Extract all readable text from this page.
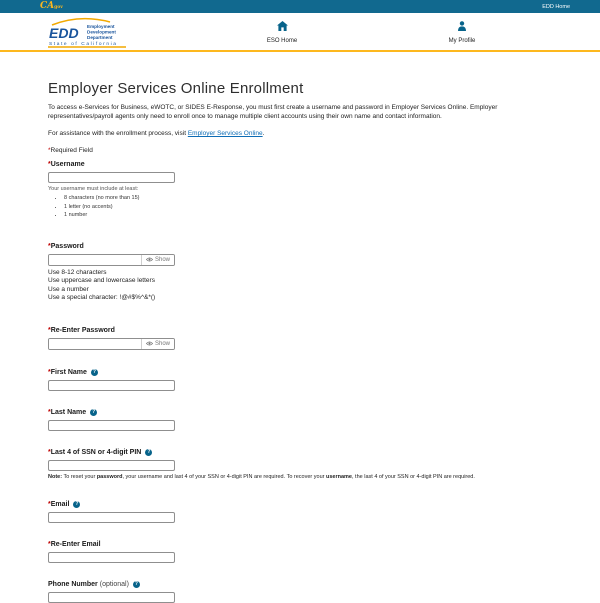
CAgov	EDD Home
EDD Employment
Development
Department
State of California
ESO Home	My Profile
Employer Services Online Enrollment

To access e-Services for Business, eWOTC, or SIDES E-Response, you must first create a username and password in Employer Services Online. Employer representatives/payroll agents only need to enroll once to manage multiple client accounts using their own name and contact information.

For assistance with the enrollment process, visit Employer Services Online.

*Required Field
* Username
Your username must include at least:
• 8 characters (no more than 15)
• 1 letter (no accents)
• 1 number
* Password
Show
Use 8-12 characters
Use uppercase and lowercase letters
Use a number
Use a special character: !@#$%^&*()
* Re-Enter Password
Show
* First Name	?
* Last Name	?
* Last 4 of SSN or 4-digit PIN	?
Note: To reset your password, your username and last 4 of your SSN or 4-digit PIN are required. To recover your username, the last 4 of your SSN or 4-digit PIN are required.
* Email	?
* Re-Enter Email
Phone Number
(optional)	?
